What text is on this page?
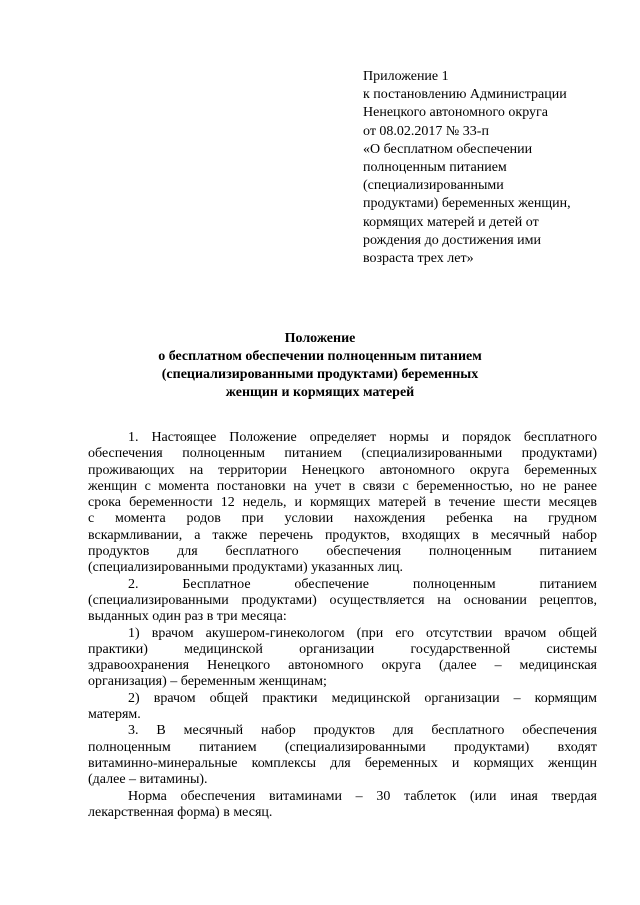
Приложение 1
к постановлению Администрации
Ненецкого автономного округа
от 08.02.2017 № 33-п
«О бесплатном обеспечении
полноценным питанием
(специализированными
продуктами) беременных женщин,
кормящих матерей и детей от
рождения до достижения ими
возраста трех лет»
Положение
о бесплатном обеспечении полноценным питанием
(специализированными продуктами) беременных
женщин и кормящих матерей
1. Настоящее Положение определяет нормы и порядок бесплатного
обеспечения полноценным питанием (специализированными продуктами)
проживающих на территории Ненецкого автономного округа беременных
женщин с момента постановки на учет в связи с беременностью, но не ранее
срока беременности 12 недель, и кормящих матерей в течение шести месяцев
с момента родов при условии нахождения ребенка на грудном
вскармливании, а также перечень продуктов, входящих в месячный набор
продуктов для бесплатного обеспечения полноценным питанием
(специализированными продуктами) указанных лиц.
2. Бесплатное обеспечение полноценным питанием
(специализированными продуктами) осуществляется на основании рецептов,
выданных один раз в три месяца:
1) врачом акушером-гинекологом (при его отсутствии врачом общей
практики) медицинской организации государственной системы
здравоохранения Ненецкого автономного округа (далее – медицинская
организация) – беременным женщинам;
2) врачом общей практики медицинской организации – кормящим
матерям.
3. В месячный набор продуктов для бесплатного обеспечения
полноценным питанием (специализированными продуктами) входят
витаминно-минеральные комплексы для беременных и кормящих женщин
(далее – витамины).
Норма обеспечения витаминами – 30 таблеток (или иная твердая
лекарственная форма) в месяц.
